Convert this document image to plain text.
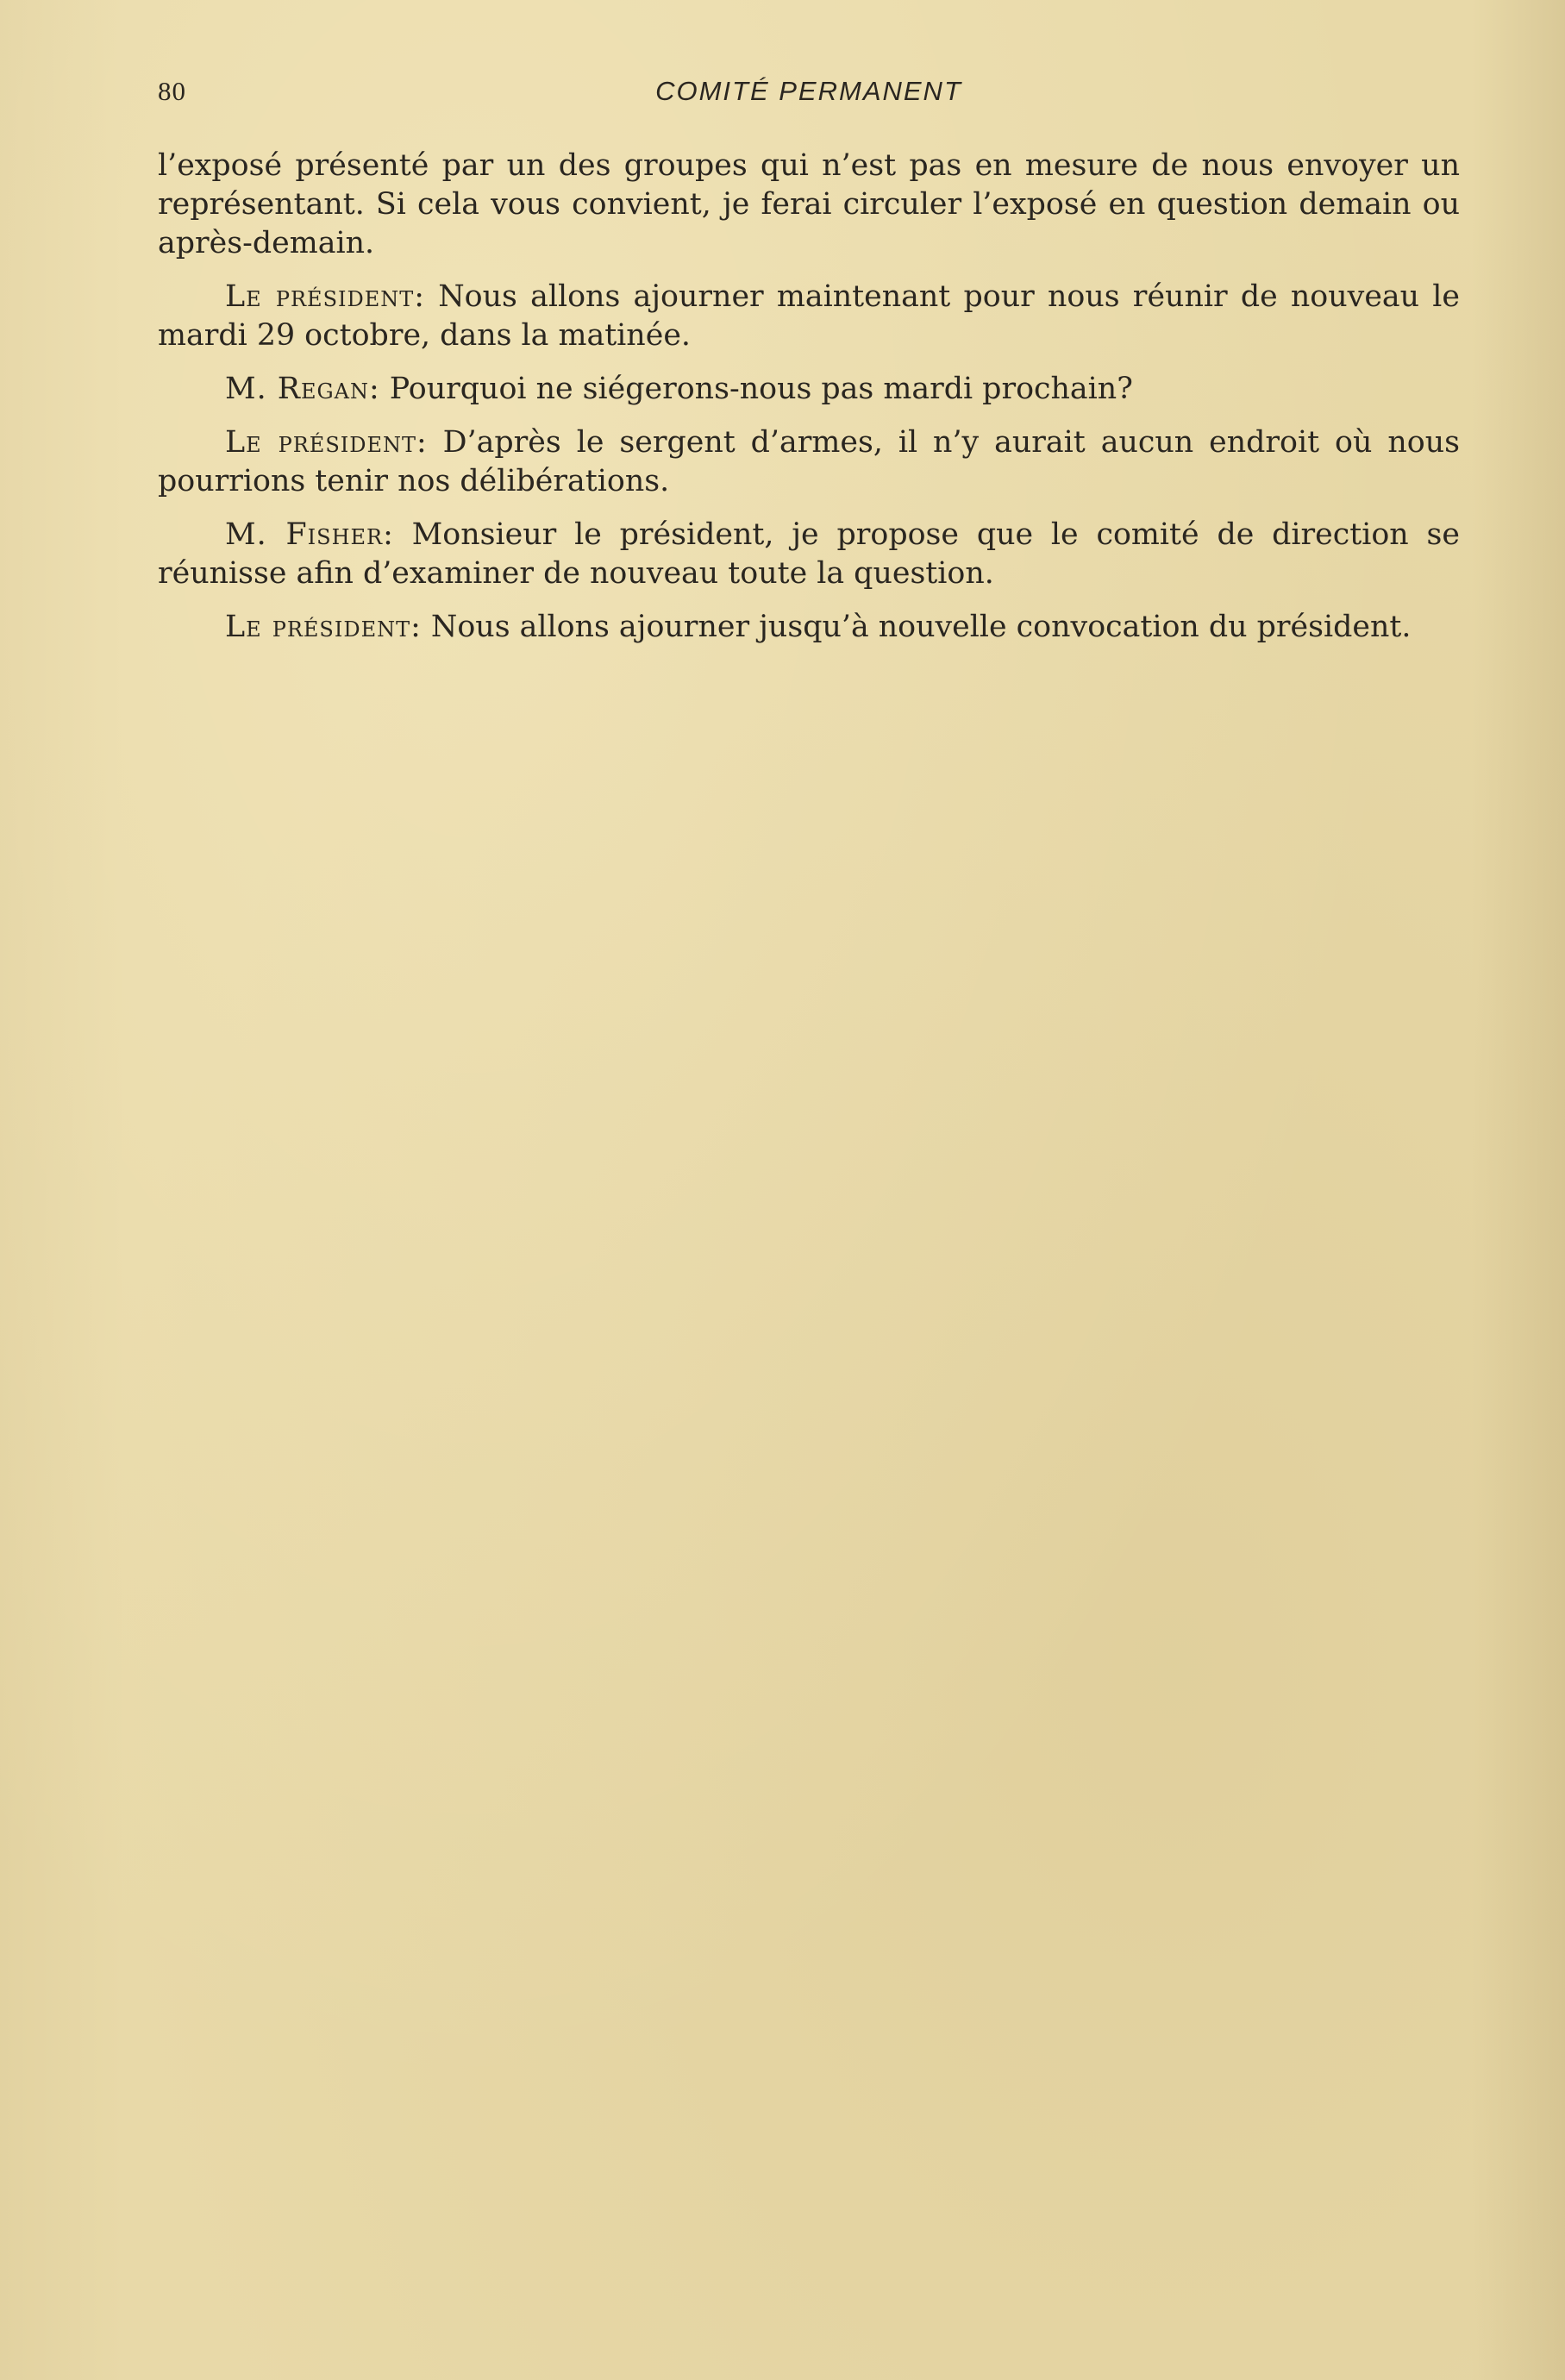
80	COMITÉ PERMANENT

l’exposé présenté par un des groupes qui n’est pas en mesure de nous envoyer un représentant. Si cela vous convient, je ferai circuler l’exposé en question demain ou après-demain.

Le président: Nous allons ajourner maintenant pour nous réunir de nouveau le mardi 29 octobre, dans la matinée.

M. Regan: Pourquoi ne siégerons-nous pas mardi prochain?

Le président: D’après le sergent d’armes, il n’y aurait aucun endroit où nous pourrions tenir nos délibérations.

M. Fisher: Monsieur le président, je propose que le comité de direction se réunisse afin d’examiner de nouveau toute la question.

Le président: Nous allons ajourner jusqu’à nouvelle convocation du président.
